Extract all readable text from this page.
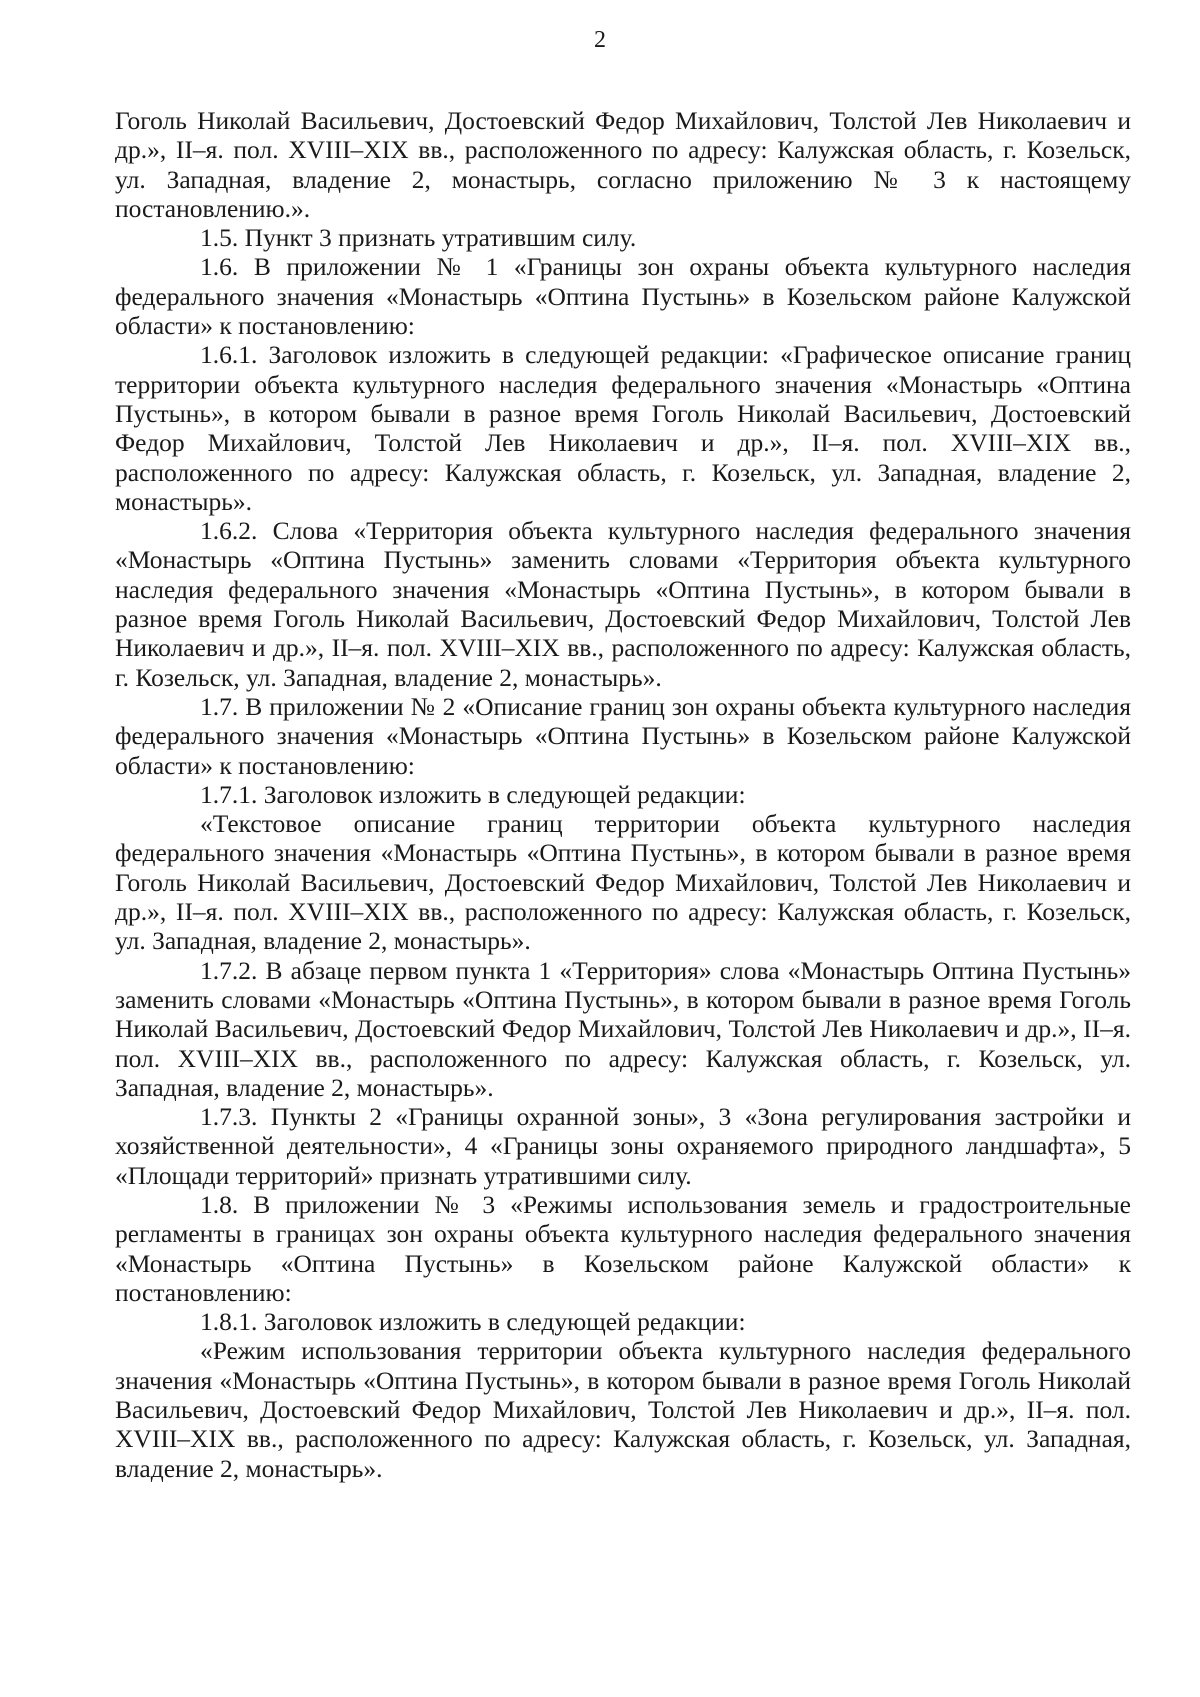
2

Гоголь Николай Васильевич, Достоевский Федор Михайлович, Толстой Лев Николаевич и др.», II–я. пол. XVIII–XIX вв., расположенного по адресу: Калужская область, г. Козельск, ул. Западная, владение 2, монастырь, согласно приложению № 3 к настоящему постановлению.».

1.5. Пункт 3 признать утратившим силу.

1.6. В приложении № 1 «Границы зон охраны объекта культурного наследия федерального значения «Монастырь «Оптина Пустынь» в Козельском районе Калужской области» к постановлению:

1.6.1. Заголовок изложить в следующей редакции: «Графическое описание границ территории объекта культурного наследия федерального значения «Монастырь «Оптина Пустынь», в котором бывали в разное время Гоголь Николай Васильевич, Достоевский Федор Михайлович, Толстой Лев Николаевич и др.», II–я. пол. XVIII–XIX вв., расположенного по адресу: Калужская область, г. Козельск, ул. Западная, владение 2, монастырь».

1.6.2. Слова «Территория объекта культурного наследия федерального значения «Монастырь «Оптина Пустынь» заменить словами «Территория объекта культурного наследия федерального значения «Монастырь «Оптина Пустынь», в котором бывали в разное время Гоголь Николай Васильевич, Достоевский Федор Михайлович, Толстой Лев Николаевич и др.», II–я. пол. XVIII–XIX вв., расположенного по адресу: Калужская область, г. Козельск, ул. Западная, владение 2, монастырь».

1.7. В приложении № 2 «Описание границ зон охраны объекта культурного наследия федерального значения «Монастырь «Оптина Пустынь» в Козельском районе Калужской области» к постановлению:

1.7.1. Заголовок изложить в следующей редакции:

«Текстовое описание границ территории объекта культурного наследия федерального значения «Монастырь «Оптина Пустынь», в котором бывали в разное время Гоголь Николай Васильевич, Достоевский Федор Михайлович, Толстой Лев Николаевич и др.», II–я. пол. XVIII–XIX вв., расположенного по адресу: Калужская область, г. Козельск, ул. Западная, владение 2, монастырь».

1.7.2. В абзаце первом пункта 1 «Территория» слова «Монастырь Оптина Пустынь» заменить словами «Монастырь «Оптина Пустынь», в котором бывали в разное время Гоголь Николай Васильевич, Достоевский Федор Михайлович, Толстой Лев Николаевич и др.», II–я. пол. XVIII–XIX вв., расположенного по адресу: Калужская область, г. Козельск, ул. Западная, владение 2, монастырь».

1.7.3. Пункты 2 «Границы охранной зоны», 3 «Зона регулирования застройки и хозяйственной деятельности», 4 «Границы зоны охраняемого природного ландшафта», 5 «Площади территорий» признать утратившими силу.

1.8. В приложении № 3 «Режимы использования земель и градостроительные регламенты в границах зон охраны объекта культурного наследия федерального значения «Монастырь «Оптина Пустынь» в Козельском районе Калужской области» к постановлению:

1.8.1. Заголовок изложить в следующей редакции:

«Режим использования территории объекта культурного наследия федерального значения «Монастырь «Оптина Пустынь», в котором бывали в разное время Гоголь Николай Васильевич, Достоевский Федор Михайлович, Толстой Лев Николаевич и др.», II–я. пол. XVIII–XIX вв., расположенного по адресу: Калужская область, г. Козельск, ул. Западная, владение 2, монастырь».
